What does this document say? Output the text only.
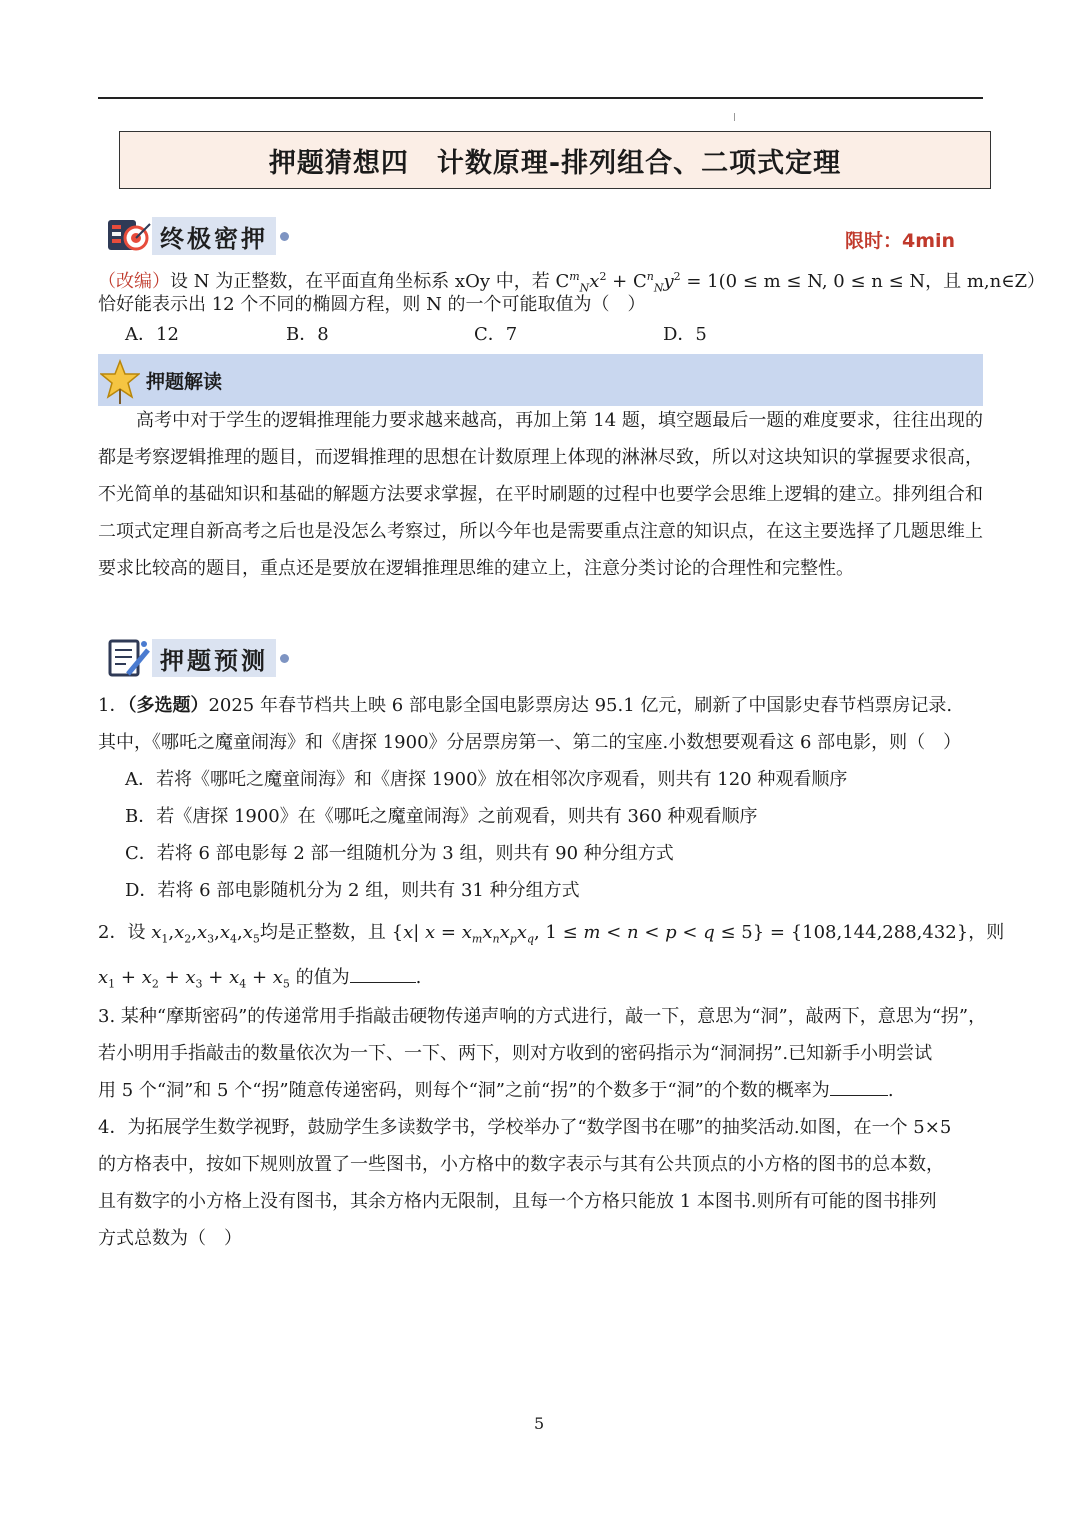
押题猜想四　计数原理-排列组合、二项式定理
终极密押	限时：4min
（改编）设 N 为正整数，在平面直角坐标系 xOy 中，若 $C^m_Nx^2 + C^n_Ny^2 = 1(0 \le m \le N$, 0 ≤ n ≤ N，且 m,n∈Z）
恰好能表示出 12 个不同的椭圆方程，则 N 的一个可能取值为（　）
A．12	B．8	C．7	D．5
押题解读
高考中对于学生的逻辑推理能力要求越来越高，再加上第 14 题，填空题最后一题的难度要求，往往出现的都是考察逻辑推理的题目，而逻辑推理的思想在计数原理上体现的淋淋尽致，所以对这块知识的掌握要求很高，不光简单的基础知识和基础的解题方法要求掌握，在平时刷题的过程中也要学会思维上逻辑的建立。排列组合和二项式定理自新高考之后也是没怎么考察过，所以今年也是需要重点注意的知识点，在这主要选择了几题思维上要求比较高的题目，重点还是要放在逻辑推理思维的建立上，注意分类讨论的合理性和完整性。
押题预测
1．（多选题）2025 年春节档共上映 6 部电影全国电影票房达 95.1 亿元，刷新了中国影史春节档票房记录.
其中，《哪吒之魔童闹海》和《唐探 1900》分居票房第一、第二的宝座.小数想要观看这 6 部电影，则（　）
A．若将《哪吒之魔童闹海》和《唐探 1900》放在相邻次序观看，则共有 120 种观看顺序
B．若《唐探 1900》在《哪吒之魔童闹海》之前观看，则共有 360 种观看顺序
C．若将 6 部电影每 2 部一组随机分为 3 组，则共有 90 种分组方式
D．若将 6 部电影随机分为 2 组，则共有 31 种分组方式
2．设 $x_1,x_2,x_3,x_4,x_5$均是正整数，且 {x| $x = x_mx_nx_px_q$, 1 ≤ m < n < p < q ≤ 5} = {108,144,288,432}，则
$x_1 + x_2 + x_3 + x_4 + x_5$ 的值为	.
3. 某种“摩斯密码”的传递常用手指敲击硬物传递声响的方式进行，敲一下，意思为“洞”，敲两下，意思为“拐”，
若小明用手指敲击的数量依次为一下、一下、两下，则对方收到的密码指示为“洞洞拐”.已知新手小明尝试
用 5 个“洞”和 5 个“拐”随意传递密码，则每个“洞”之前“拐”的个数多于“洞”的个数的概率为	.
4．为拓展学生数学视野，鼓励学生多读数学书，学校举办了“数学图书在哪”的抽奖活动.如图，在一个 5×5
的方格表中，按如下规则放置了一些图书，小方格中的数字表示与其有公共顶点的小方格的图书的总本数，
且有数字的小方格上没有图书，其余方格内无限制，且每一个方格只能放 1 本图书.则所有可能的图书排列
方式总数为（　）
5
